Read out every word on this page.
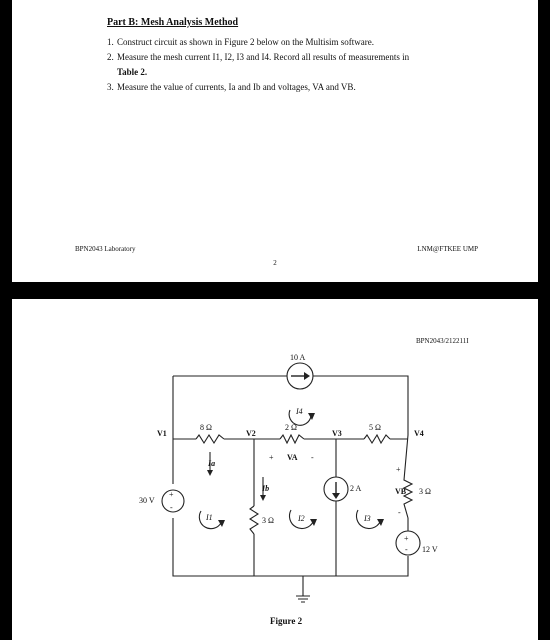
Part B: Mesh Analysis Method
1. Construct circuit as shown in Figure 2 below on the Multisim software.
2. Measure the mesh current I1, I2, I3 and I4. Record all results of measurements in
Table 2.
3. Measure the value of currents, Ia and Ib and voltages, VA and VB.
BPN2043 Laboratory	LNM@FTKEE UMP
2
BPN2043/212211I
10 A
2 A
30 V
12 V
8 Ω	2 Ω	5 Ω
3 Ω
3 Ω
V1	V2	V3	V4
Ia
Ib
I1	I2	I3
I4
VA
VB
+	-
+
-
+
-
+
-
Figure 2
